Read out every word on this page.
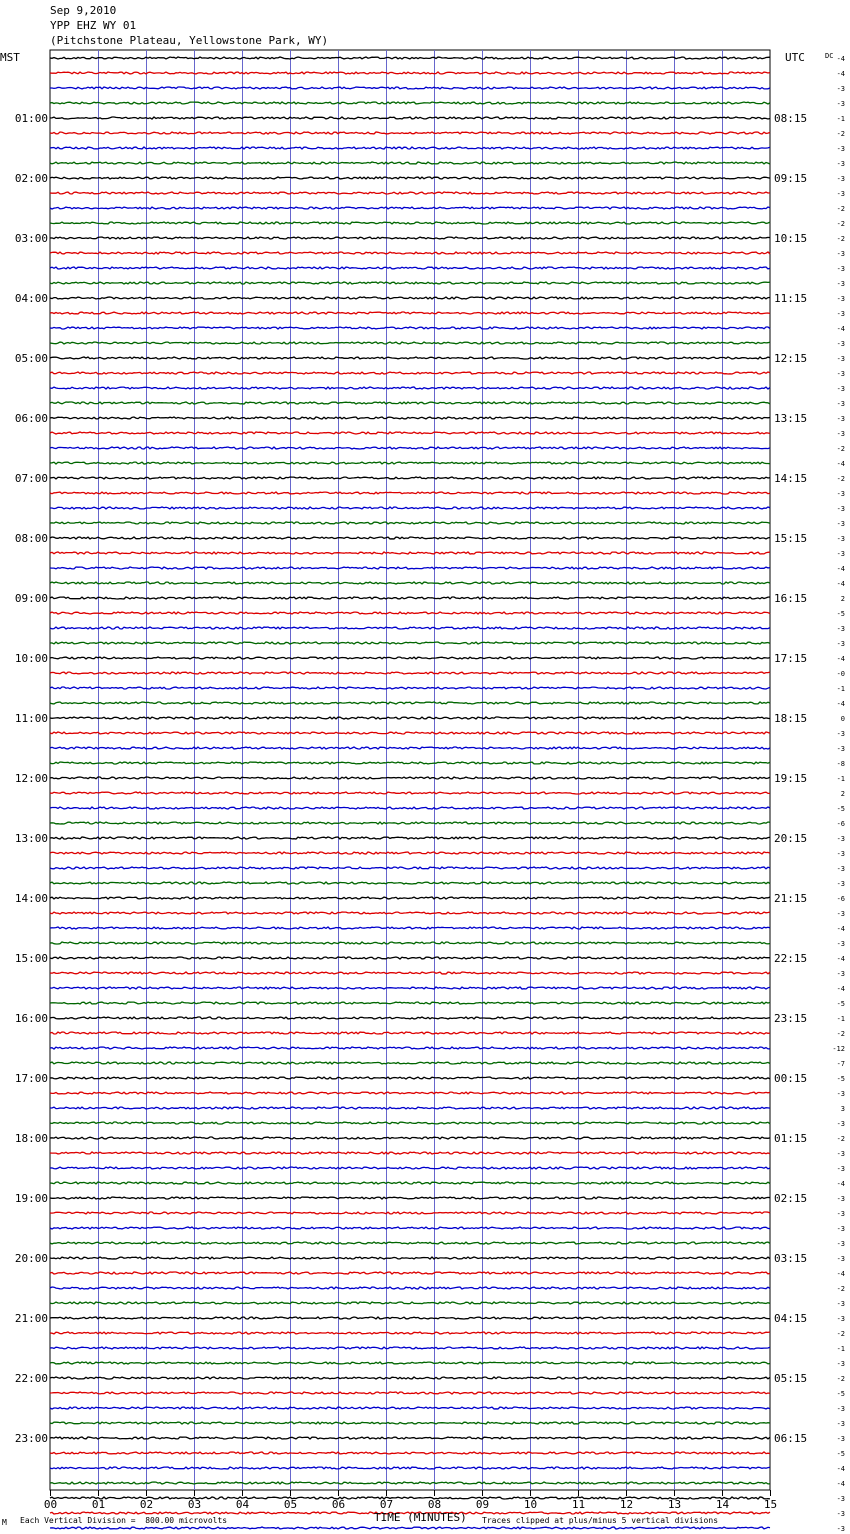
Sep 9,2010
YPP EHZ WY 01
(Pitchstone Plateau, Yellowstone Park, WY)
MST	UTC	DC
00	01	02	03	04	05	06	07	08	09	10	11	12	13	14	15
01:00
02:00
03:00
04:00
05:00
06:00
07:00
08:00
09:00
10:00
11:00
12:00
13:00
14:00
15:00
16:00
17:00
18:00
19:00
20:00
21:00
22:00
23:00
08:15
09:15
10:15
11:15
12:15
13:15
14:15
15:15
16:15
17:15
18:15
19:15
20:15
21:15
22:15
23:15
00:15
01:15
02:15
03:15
04:15
05:15
06:15
-4
-4
-3
-3
-1
-2
-3
-3
-3
-3
-2
-2
-2
-3
-3
-3
-3
-3
-4
-3
-3
-3
-3
-3
-3
-3
-2
-4
-2
-3
-3
-3
-3
-3
-4
-4
2
-5
-3
-3
-4
-0
-1
-4
0
-3
-3
-8
-1
2
-5
-6
-3
-3
-3
-3
-6
-3
-4
-3
-4
-3
-4
-5
-1
-2
-12
-7
-5
-3
3
-3
-2
-3
-3
-4
-3
-3
-3
-3
-3
-4
-2
-3
-3
-2
-1
-3
-2
-5
-3
-3
-3
-5
-4
-4
-3
-3
-3
M Each Vertical Division =  800.00 microvolts	TIME (MINUTES) Traces clipped at plus/minus 5 vertical divisions
